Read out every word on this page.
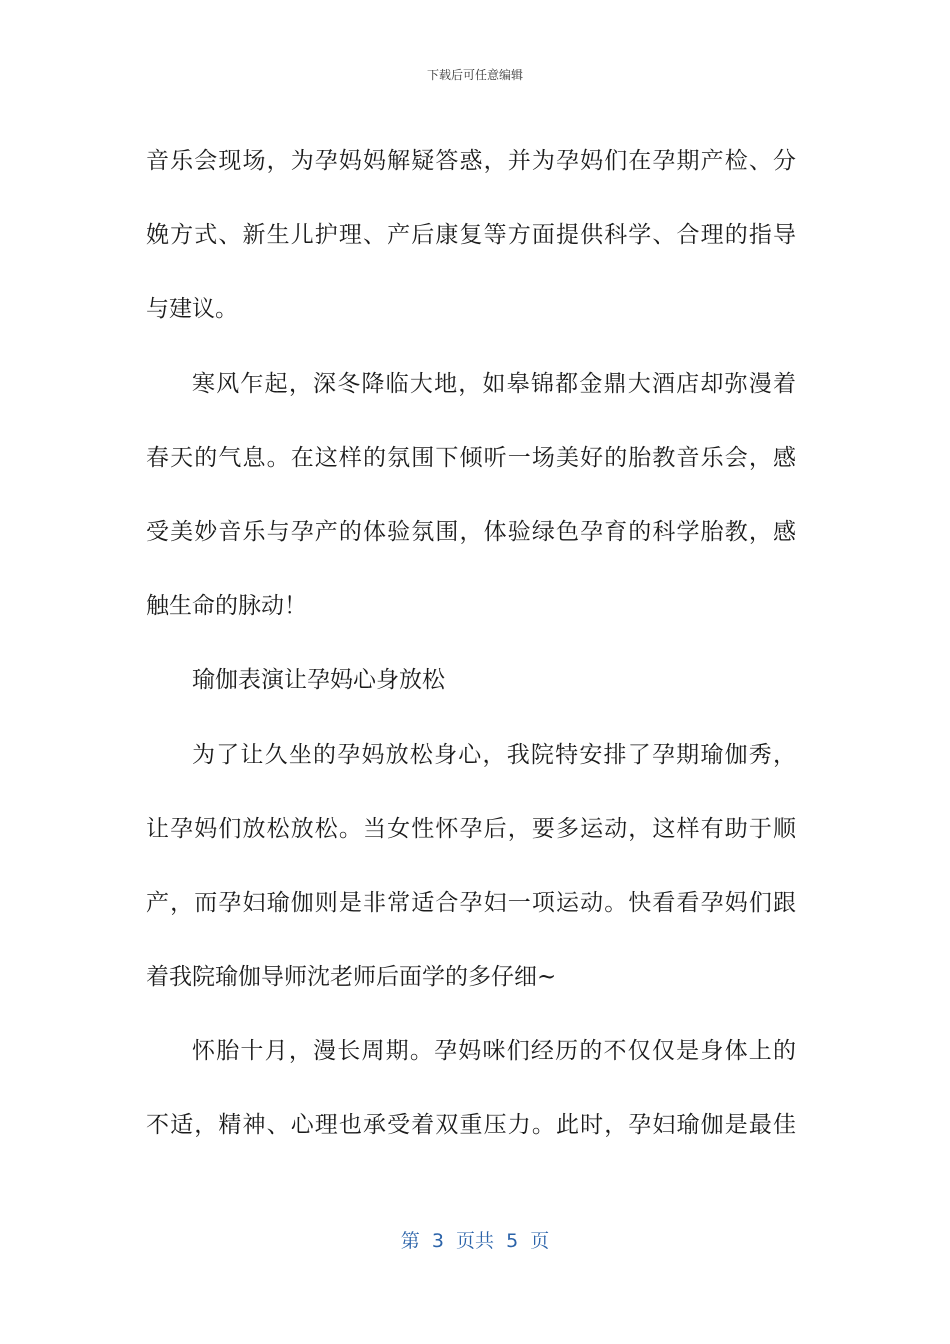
下载后可任意编辑
音乐会现场，为孕妈妈解疑答惑，并为孕妈们在孕期产检、分
娩方式、新生儿护理、产后康复等方面提供科学、合理的指导
与建议。
寒风乍起，深冬降临大地，如皋锦都金鼎大酒店却弥漫着
春天的气息。在这样的氛围下倾听一场美好的胎教音乐会，感
受美妙音乐与孕产的体验氛围，体验绿色孕育的科学胎教，感
触生命的脉动！
瑜伽表演让孕妈心身放松
为了让久坐的孕妈放松身心，我院特安排了孕期瑜伽秀，
让孕妈们放松放松。当女性怀孕后，要多运动，这样有助于顺
产，而孕妇瑜伽则是非常适合孕妇一项运动。快看看孕妈们跟
着我院瑜伽导师沈老师后面学的多仔细~
怀胎十月，漫长周期。孕妈咪们经历的不仅仅是身体上的
不适，精神、心理也承受着双重压力。此时，孕妇瑜伽是最佳
第  3  页共  5  页
